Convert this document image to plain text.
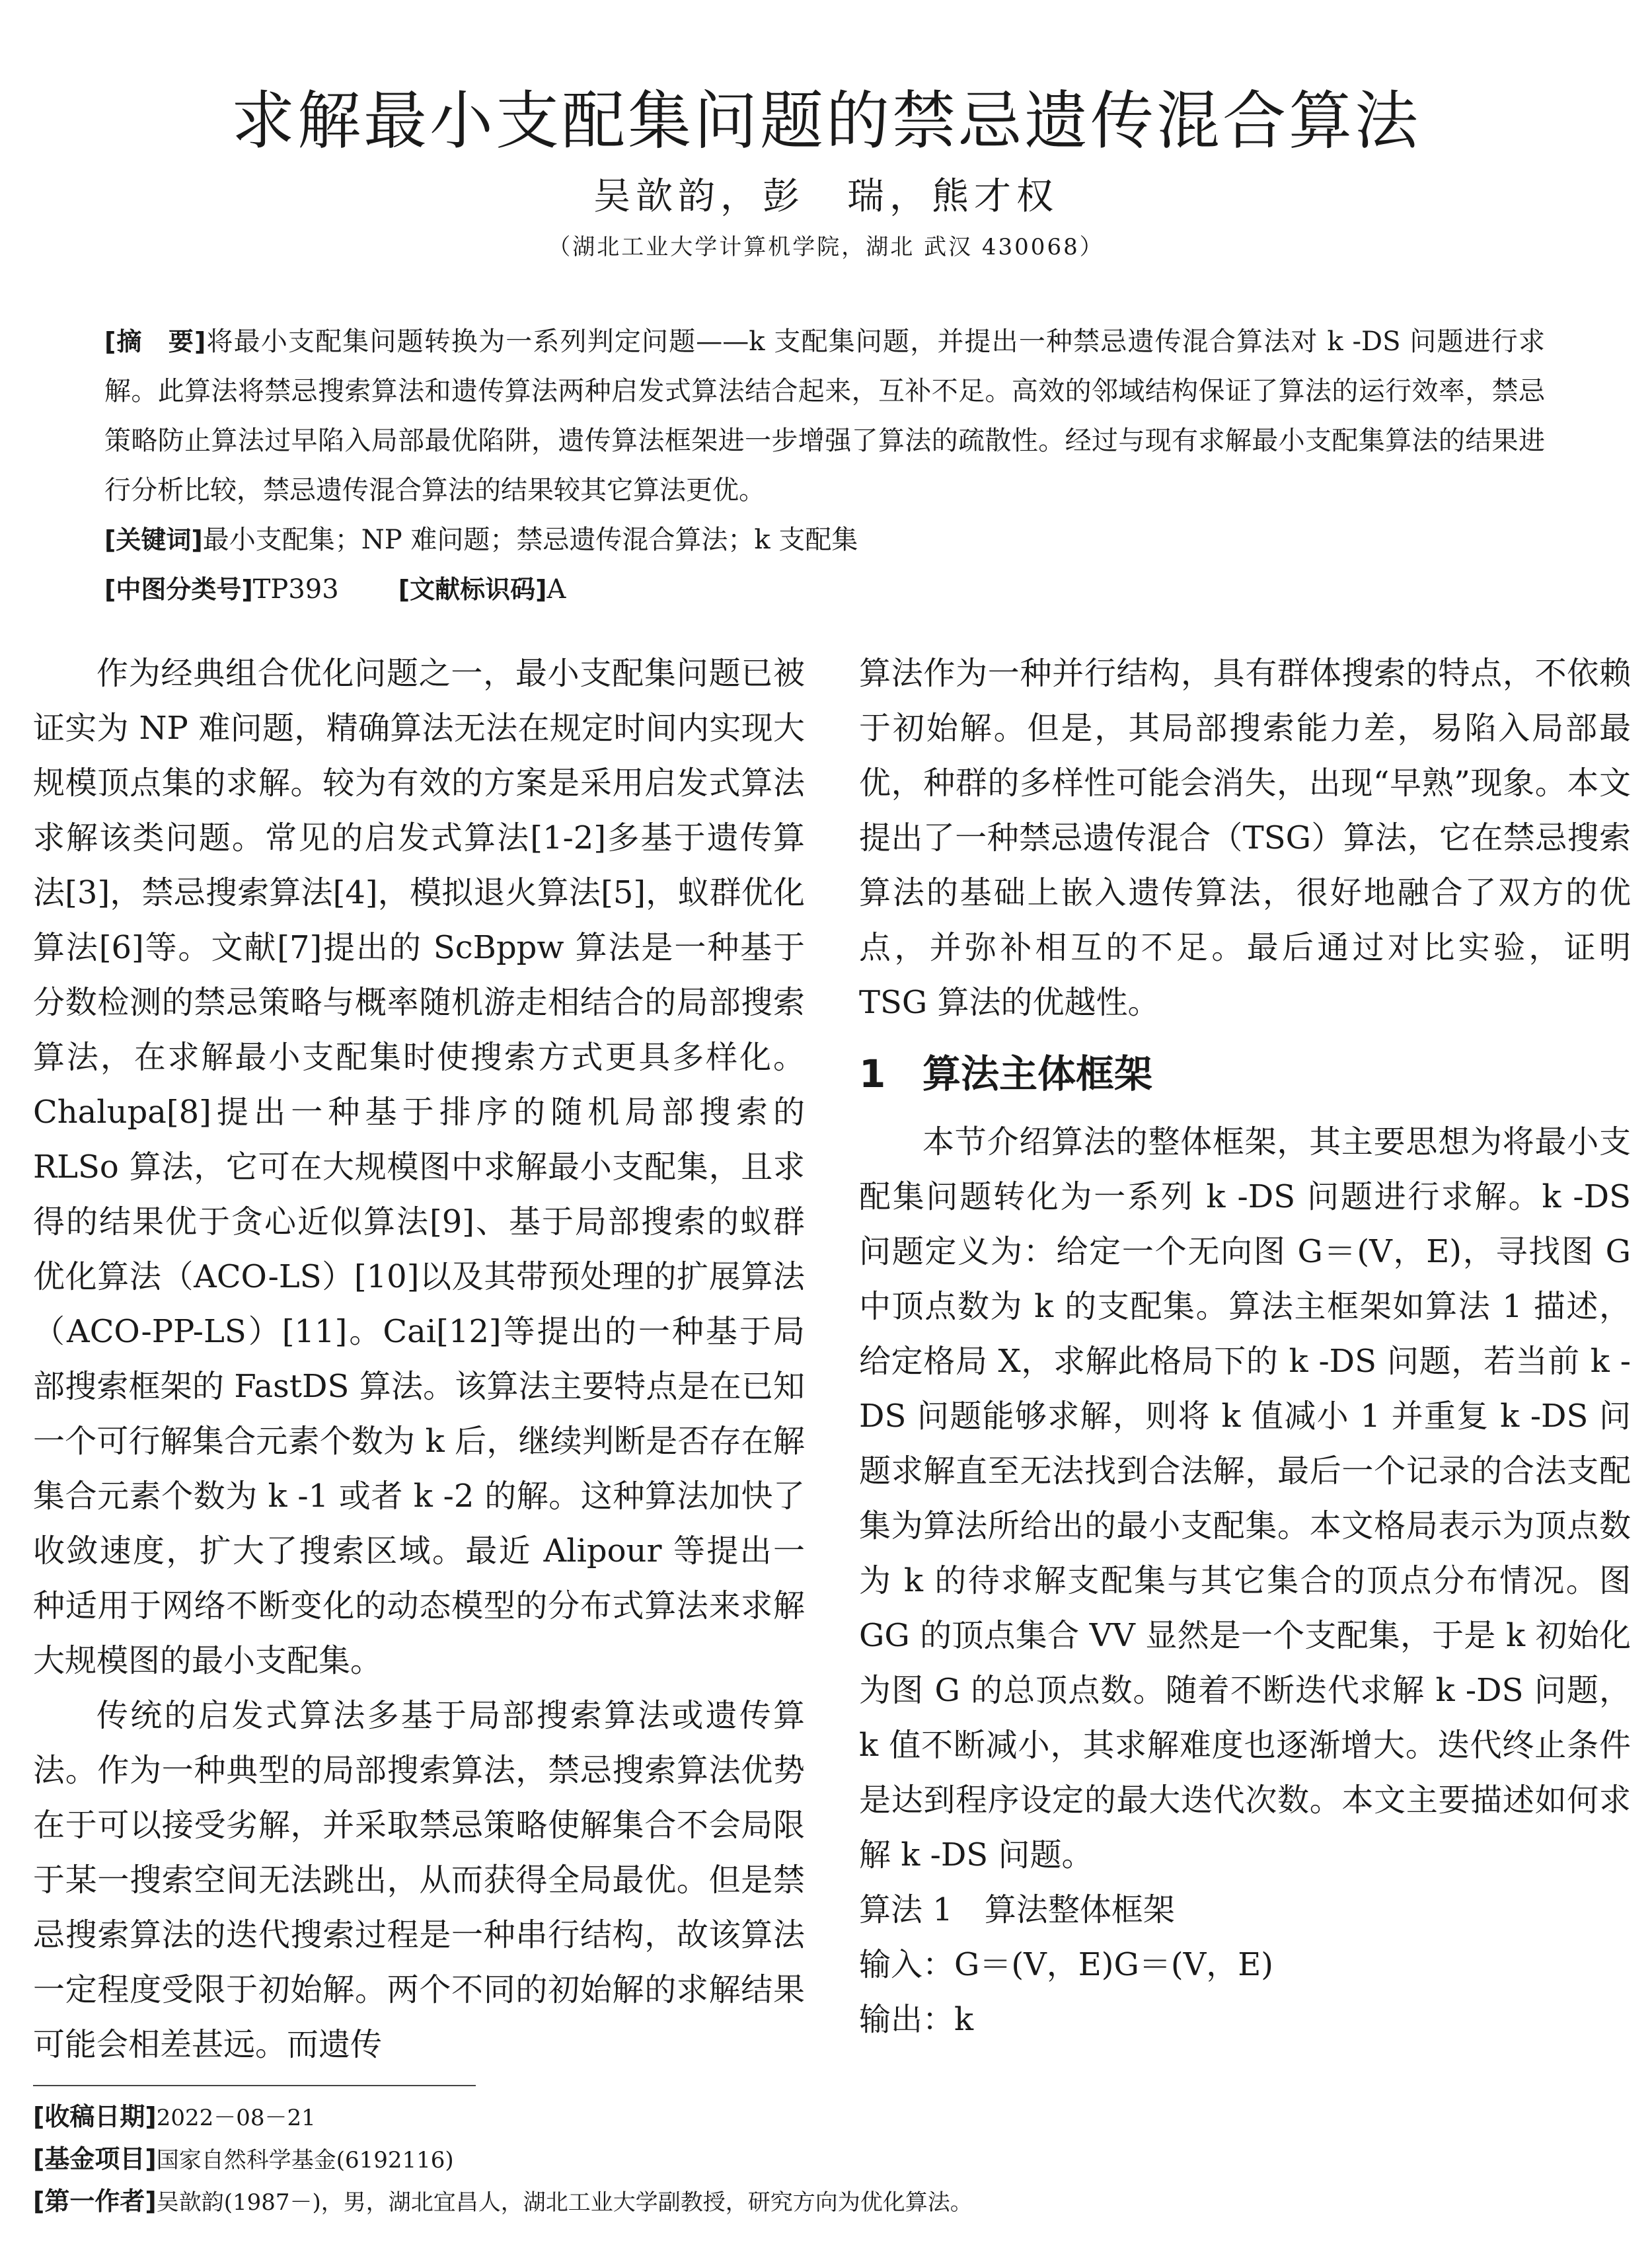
求解最小支配集问题的禁忌遗传混合算法
吴歆韵，彭　瑞，熊才权
（湖北工业大学计算机学院，湖北 武汉 430068）

[摘　要]将最小支配集问题转换为一系列判定问题——k 支配集问题，并提出一种禁忌遗传混合算法对 k -DS 问题进行求解。此算法将禁忌搜索算法和遗传算法两种启发式算法结合起来，互补不足。高效的邻域结构保证了算法的运行效率，禁忌策略防止算法过早陷入局部最优陷阱，遗传算法框架进一步增强了算法的疏散性。经过与现有求解最小支配集算法的结果进行分析比较，禁忌遗传混合算法的结果较其它算法更优。

[关键词]最小支配集；NP 难问题；禁忌遗传混合算法；k 支配集

[中图分类号]TP393 [文献标识码]A

作为经典组合优化问题之一，最小支配集问题已被证实为 NP 难问题，精确算法无法在规定时间内实现大规模顶点集的求解。较为有效的方案是采用启发式算法求解该类问题。常见的启发式算法[1-2]多基于遗传算法[3]，禁忌搜索算法[4]，模拟退火算法[5]，蚁群优化算法[6]等。文献[7]提出的 ScBppw 算法是一种基于分数检测的禁忌策略与概率随机游走相结合的局部搜索算法，在求解最小支配集时使搜索方式更具多样化。Chalupa[8]提出一种基于排序的随机局部搜索的 RLSo 算法，它可在大规模图中求解最小支配集，且求得的结果优于贪心近似算法[9]、基于局部搜索的蚁群优化算法（ACO-LS）[10]以及其带预处理的扩展算法（ACO-PP-LS）[11]。Cai[12]等提出的一种基于局部搜索框架的 FastDS 算法。该算法主要特点是在已知一个可行解集合元素个数为 k 后，继续判断是否存在解集合元素个数为 k -1 或者 k -2 的解。这种算法加快了收敛速度，扩大了搜索区域。最近 Alipour 等提出一种适用于网络不断变化的动态模型的分布式算法来求解大规模图的最小支配集。

传统的启发式算法多基于局部搜索算法或遗传算法。作为一种典型的局部搜索算法，禁忌搜索算法优势在于可以接受劣解，并采取禁忌策略使解集合不会局限于某一搜索空间无法跳出，从而获得全局最优。但是禁忌搜索算法的迭代搜索过程是一种串行结构，故该算法一定程度受限于初始解。两个不同的初始解的求解结果可能会相差甚远。而遗传

算法作为一种并行结构，具有群体搜索的特点，不依赖于初始解。但是，其局部搜索能力差，易陷入局部最优，种群的多样性可能会消失，出现“早熟”现象。本文提出了一种禁忌遗传混合（TSG）算法，它在禁忌搜索算法的基础上嵌入遗传算法，很好地融合了双方的优点，并弥补相互的不足。最后通过对比实验，证明 TSG 算法的优越性。

1 算法主体框架

本节介绍算法的整体框架，其主要思想为将最小支配集问题转化为一系列 k -DS 问题进行求解。k -DS 问题定义为：给定一个无向图 G＝(V，E)，寻找图 G 中顶点数为 k 的支配集。算法主框架如算法 1 描述，给定格局 X，求解此格局下的 k -DS 问题，若当前 k -DS 问题能够求解，则将 k 值减小 1 并重复 k -DS 问题求解直至无法找到合法解，最后一个记录的合法支配集为算法所给出的最小支配集。本文格局表示为顶点数为 k 的待求解支配集与其它集合的顶点分布情况。图 GG 的顶点集合 VV 显然是一个支配集，于是 k 初始化为图 G 的总顶点数。随着不断迭代求解 k -DS 问题，k 值不断减小，其求解难度也逐渐增大。迭代终止条件是达到程序设定的最大迭代次数。本文主要描述如何求解 k -DS 问题。

算法 1 算法整体框架

输入：G＝(V，E)G＝(V，E)

输出：k

[收稿日期]2022－08－21

[基金项目]国家自然科学基金(6192116)

[第一作者]吴歆韵(1987－)，男，湖北宜昌人，湖北工业大学副教授，研究方向为优化算法。
